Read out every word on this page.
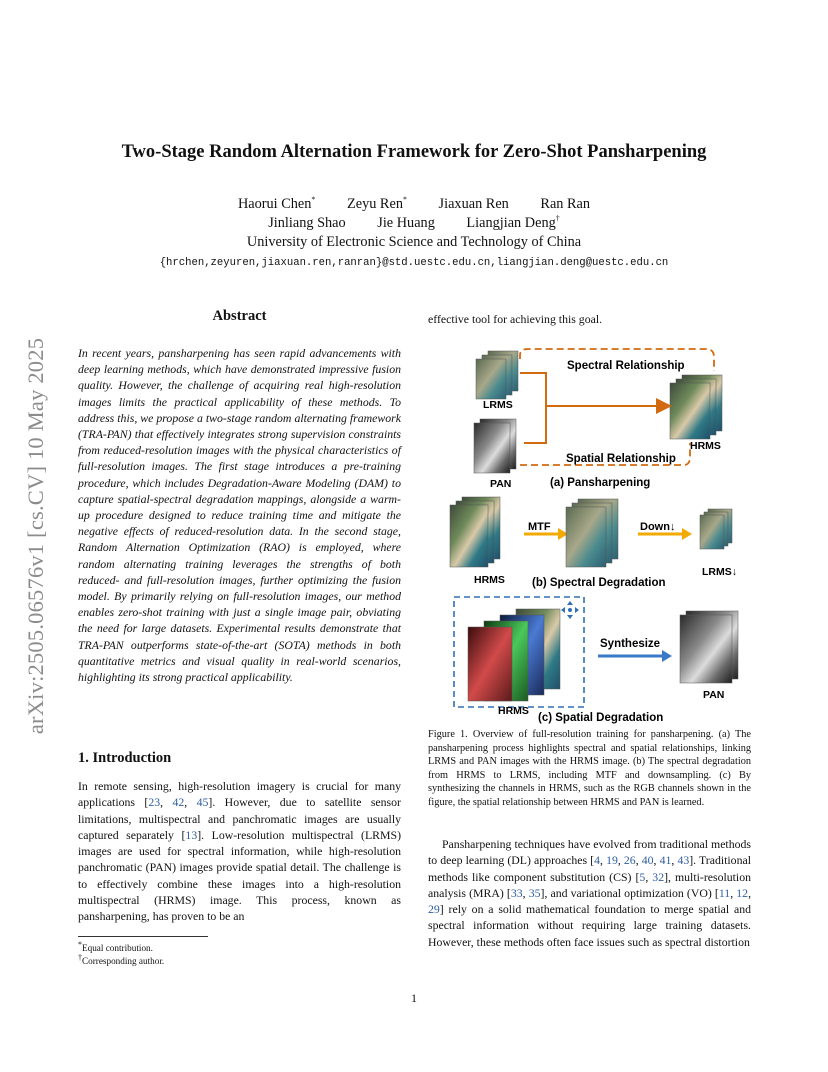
arXiv:2505.06576v1 [cs.CV] 10 May 2025
Two-Stage Random Alternation Framework for Zero-Shot Pansharpening
Haorui Chen* Zeyu Ren* Jiaxuan Ren Ran Ran
Jinliang Shao Jie Huang Liangjian Deng†
University of Electronic Science and Technology of China
{hrchen,zeyuren,jiaxuan.ren,ranran}@std.uestc.edu.cn,liangjian.deng@uestc.edu.cn
Abstract
In recent years, pansharpening has seen rapid advancements with deep learning methods, which have demonstrated impressive fusion quality. However, the challenge of acquiring real high-resolution images limits the practical applicability of these methods. To address this, we propose a two-stage random alternating framework (TRA-PAN) that effectively integrates strong supervision constraints from reduced-resolution images with the physical characteristics of full-resolution images. The first stage introduces a pre-training procedure, which includes Degradation-Aware Modeling (DAM) to capture spatial-spectral degradation mappings, alongside a warm-up procedure designed to reduce training time and mitigate the negative effects of reduced-resolution data. In the second stage, Random Alternation Optimization (RAO) is employed, where random alternating training leverages the strengths of both reduced- and full-resolution images, further optimizing the fusion model. By primarily relying on full-resolution images, our method enables zero-shot training with just a single image pair, obviating the need for large datasets. Experimental results demonstrate that TRA-PAN outperforms state-of-the-art (SOTA) methods in both quantitative metrics and visual quality in real-world scenarios, highlighting its strong practical applicability.
1. Introduction
In remote sensing, high-resolution imagery is crucial for many applications [23, 42, 45]. However, due to satellite sensor limitations, multispectral and panchromatic images are usually captured separately [13]. Low-resolution multispectral (LRMS) images are used for spectral information, while high-resolution panchromatic (PAN) images provide spatial detail. The challenge is to effectively combine these images into a high-resolution multispectral (HRMS) image. This process, known as pansharpening, has proven to be an
*Equal contribution.
†Corresponding author.
effective tool for achieving this goal.
LRMS
PAN
HRMS
Spectral Relationship
Spatial Relationship
(a) Pansharpening
HRMS
MTF	Down↓
LRMS↓
(b) Spectral Degradation
HRMS
Synthesize
PAN
(c) Spatial Degradation
Figure 1. Overview of full-resolution training for pansharpening. (a) The pansharpening process highlights spectral and spatial relationships, linking LRMS and PAN images with the HRMS image. (b) The spectral degradation from HRMS to LRMS, including MTF and downsampling. (c) By synthesizing the channels in HRMS, such as the RGB channels shown in the figure, the spatial relationship between HRMS and PAN is learned.
Pansharpening techniques have evolved from traditional methods to deep learning (DL) approaches [4, 19, 26, 40, 41, 43]. Traditional methods like component substitution (CS) [5, 32], multi-resolution analysis (MRA) [33, 35], and variational optimization (VO) [11, 12, 29] rely on a solid mathematical foundation to merge spatial and spectral information without requiring large training datasets. However, these methods often face issues such as spectral distortion
1
